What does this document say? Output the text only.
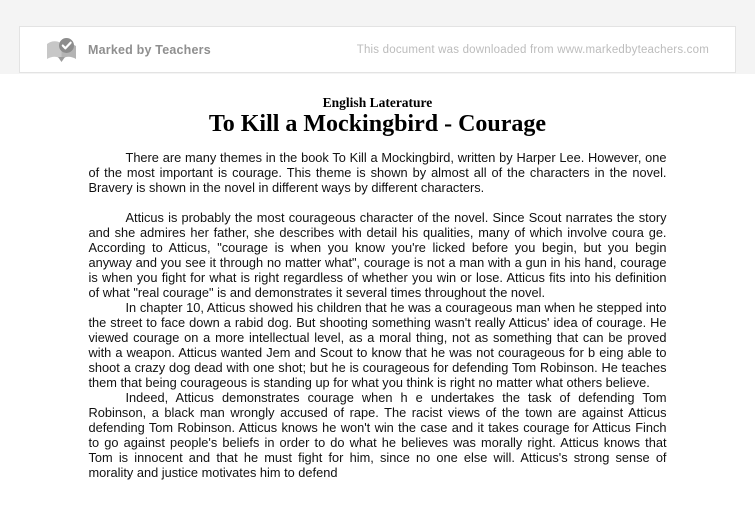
Marked by Teachers	This document was downloaded from www.markedbyteachers.com
English Laterature
To Kill a Mockingbird - Courage

There are many themes in the book To Kill a Mockingbird, written by Harper Lee. However, one of the most important is courage. This theme is shown by almost all of the characters in the novel. Bravery is shown in the novel in different ways by different characters.

Atticus is probably the most courageous character of the novel. Since Scout narrates the story and she admires her father, she describes with detail his qualities, many of which involve coura ge. According to Atticus, "courage is when you know you're licked before you begin, but you begin anyway and you see it through no matter what", courage is not a man with a gun in his hand, courage is when you fight for what is right regardless of whether you win or lose. Atticus fits into his definition of what "real courage" is and demonstrates it several times throughout the novel.

In chapter 10, Atticus showed his children that he was a courageous man when he stepped into the street to face down a rabid dog. But shooting something wasn't really Atticus' idea of courage. He viewed courage on a more intellectual level, as a moral thing, not as something that can be proved with a weapon. Atticus wanted Jem and Scout to know that he was not courageous for b eing able to shoot a crazy dog dead with one shot; but he is courageous for defending Tom Robinson. He teaches them that being courageous is standing up for what you think is right no matter what others believe.

Indeed, Atticus demonstrates courage when h e undertakes the task of defending Tom Robinson, a black man wrongly accused of rape. The racist views of the town are against Atticus defending Tom Robinson. Atticus knows he won't win the case and it takes courage for Atticus Finch to go against people's beliefs in order to do what he believes was morally right. Atticus knows that Tom is innocent and that he must fight for him, since no one else will. Atticus's strong sense of morality and justice motivates him to defend
